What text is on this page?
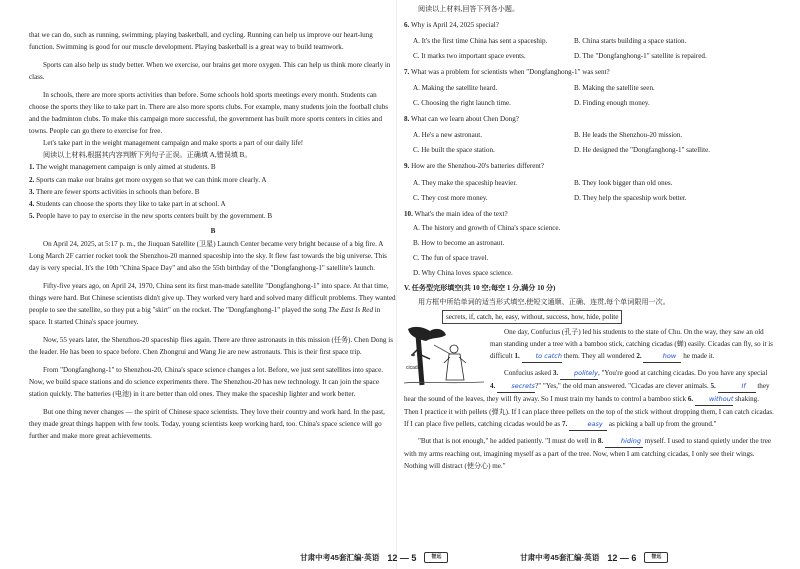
that we can do, such as running, swimming, playing basketball, and cycling. Running can help us improve our heart-lung function. Swimming is good for our muscle development. Playing basketball is a great way to build teamwork.

Sports can also help us study better. When we exercise, our brains get more oxygen. This can help us think more clearly in class.

In schools, there are more sports activities than before. Some schools hold sports meetings every month. Students can choose the sports they like to take part in. There are also more sports clubs. For example, many students join the football clubs and the badminton clubs. To make this campaign more successful, the government has built more sports centers in cities and towns. People can go there to exercise for free.

Let's take part in the weight management campaign and make sports a part of our daily life!

阅读以上材料,根据其内容判断下列句子正误。正确填 A,错误填 B。

1. The weight management campaign is only aimed at students. B

2. Sports can make our brains get more oxygen so that we can think more clearly. A

3. There are fewer sports activities in schools than before. B

4. Students can choose the sports they like to take part in at school. A

5. People have to pay to exercise in the new sports centers built by the government. B

B

On April 24, 2025, at 5:17 p. m., the Jiuquan Satellite (卫星) Launch Center became very bright because of a big fire. A Long March 2F carrier rocket took the Shenzhou-20 manned spaceship into the sky. It flew fast towards the big universe. This day is very special. It's the 10th "China Space Day" and also the 55th birthday of the "Dongfanghong-1" satellite's launch.

Fifty-five years ago, on April 24, 1970, China sent its first man-made satellite "Dongfanghong-1" into space. At that time, things were hard. But Chinese scientists didn't give up. They worked very hard and solved many difficult problems. They wanted people to see the satellite, so they put a big "skirt" on the rocket. The "Dongfanghong-1" played the song The East Is Red in space. It started China's space journey.

Now, 55 years later, the Shenzhou-20 spaceship flies again. There are three astronauts in this mission (任务). Chen Dong is the leader. He has been to space before. Chen Zhongrui and Wang Jie are new astronauts. This is their first space trip.

From "Dongfanghong-1" to Shenzhou-20, China's space science changes a lot. Before, we just sent satellites into space. Now, we build space stations and do science experiments there. The Shenzhou-20 has new technology. It can join the space station quickly. The batteries (电池) in it are better than old ones. They make the spaceship lighter and work better.

But one thing never changes — the spirit of Chinese space scientists. They love their country and work hard. In the past, they made great things happen with few tools. Today, young scientists keep working hard, too. China's space science will go further and make more great achievements.

甘肃中考45套汇编·英语 12 — 5	智远

阅读以上材料,回答下列各小题。

6. Why is April 24, 2025 special?

A. It's the first time China has sent a spaceship.	B. China starts building a space station.
C. It marks two important space events.	D. The "Dongfanghong-1" satellite is repaired.

7. What was a problem for scientists when "Dongfanghong-1" was sent?

A. Making the satellite heard.	B. Making the satellite seen.
C. Choosing the right launch time.	D. Finding enough money.

8. What can we learn about Chen Dong?

A. He's a new astronaut.	B. He leads the Shenzhou-20 mission.
C. He built the space station.	D. He designed the "Dongfanghong-1" satellite.

9. How are the Shenzhou-20's batteries different?

A. They make the spaceship heavier.	B. They look bigger than old ones.
C. They cost more money.	D. They help the spaceship work better.

10. What's the main idea of the text?

A. The history and growth of China's space science.

B. How to become an astronaut.

C. The fun of space travel.

D. Why China loves space science.

V. 任务型完形填空(共 10 空;每空 1 分,满分 10 分)

用方框中所给单词的适当形式填空,使短文通顺、正确、连贯,每个单词限用一次。

secrets, if, catch, he, easy, without, success, how, hide, polite
cicadas

One day, Confucius (孔子) led his students to the state of Chu. On the way, they saw an old man standing under a tree with a bamboo stick, catching cicadas (蝉) easily. Cicadas can fly, so it is difficult 1. to catch them. They all wondered 2.	how he made it.

Confucius asked 3. politely, "You're good at catching cicadas. Do you have any special 4. secrets?" "Yes," the old man answered. "Cicadas are clever animals. 5.	If they hear the sound of the leaves, they will fly away. So I must train my hands to control a bamboo stick 6. without shaking. Then I practice it with pellets (弹丸). If I can place three pellets on the top of the stick without dropping them, I can catch cicadas. If I can place five pellets, catching cicadas would be as 7.	easy as picking a ball up from the ground."

"But that is not enough," he added patiently. "I must do well in 8.	hiding myself. I used to stand quietly under the tree with my arms reaching out, imagining myself as a part of the tree. Now, when I am catching cicadas, I only see their wings. Nothing will distract (使分心) me."

甘肃中考45套汇编·英语 12 — 6	智远
